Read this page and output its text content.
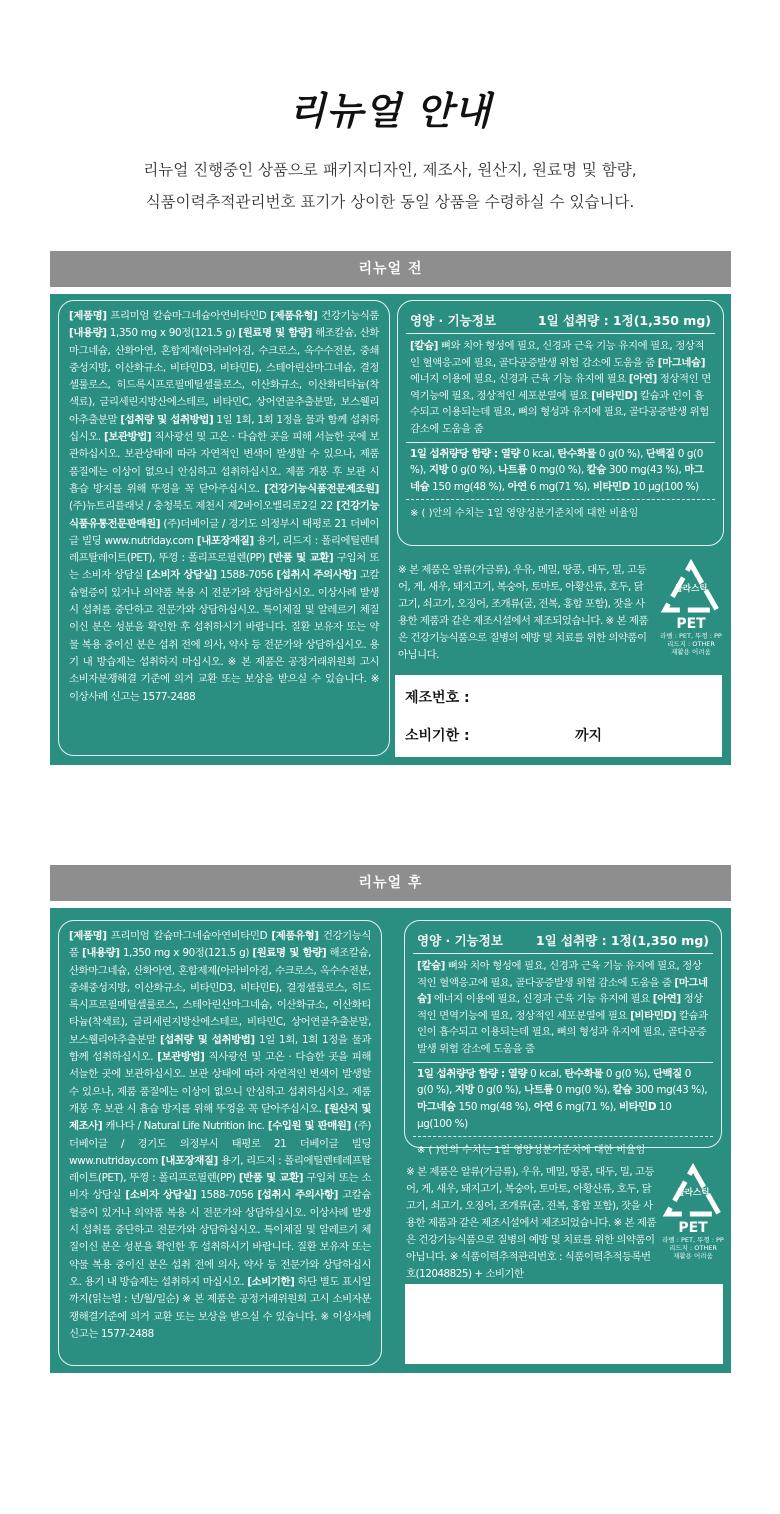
리뉴얼 안내
리뉴얼 진행중인 상품으로 패키지디자인, 제조사, 원산지, 원료명 및 함량,
식품이력추적관리번호 표기가 상이한 동일 상품을 수령하실 수 있습니다.
리뉴얼 전
[제품명] 프리미엄 칼슘마그네슘아연비타민D [제품유형] 건강기능식품 [내용량] 1,350 mg x 90정(121.5 g) [원료명 및 함량] 해조칼슘, 산화마그네슘, 산화아연, 혼합제제(아라비아검, 수크로스, 옥수수전분, 중쇄중성지방, 이산화규소, 비타민D3, 비타민E), 스테아린산마그네슘, 결정셀룰로스, 히드록시프로필메틸셀룰로스, 이산화규소, 이산화티타늄(착색료), 글리세린지방산에스테르, 비타민C, 상어연골추출분말, 보스웰리아추출분말 [섭취량 및 섭취방법] 1일 1회, 1회 1정을 물과 함께 섭취하십시오. [보관방법] 직사광선 및 고온 · 다습한 곳을 피해 서늘한 곳에 보관하십시오. 보관상태에 따라 자연적인 변색이 발생할 수 있으나, 제품 품질에는 이상이 없으니 안심하고 섭취하십시오. 제품 개봉 후 보관 시 흡습 방지를 위해 뚜껑을 꼭 닫아주십시오. [건강기능식품전문제조원] (주)뉴트리플래닛 / 충청북도 제천시 제2바이오밸리로2길 22 [건강기능식품유통전문판매원] (주)더베이글 / 경기도 의정부시 태평로 21 더베이글 빌딩 www.nutriday.com [내포장재질] 용기, 리드지 : 폴리에틸렌테레프탈레이트(PET), 뚜껑 : 폴리프로필렌(PP) [반품 및 교환] 구입처 또는 소비자 상담실 [소비자 상담실] 1588-7056 [섭취시 주의사항] 고칼슘혈증이 있거나 의약품 복용 시 전문가와 상담하십시오. 이상사례 발생 시 섭취를 중단하고 전문가와 상담하십시오. 특이체질 및 알레르기 체질이신 분은 성분을 확인한 후 섭취하시기 바랍니다. 질환 보유자 또는 약물 복용 중이신 분은 섭취 전에 의사, 약사 등 전문가와 상담하십시오. 용기 내 방습제는 섭취하지 마십시오. ※ 본 제품은 공정거래위원회 고시 소비자분쟁해결 기준에 의거 교환 또는 보상을 받으실 수 있습니다. ※ 이상사례 신고는 1577-2488
영양 · 기능정보	1일 섭취량 : 1정(1,350 mg)
[칼슘] 뼈와 치아 형성에 필요, 신경과 근육 기능 유지에 필요, 정상적인 혈액응고에 필요, 골다공증발생 위험 감소에 도움을 줌 [마그네슘] 에너지 이용에 필요, 신경과 근육 기능 유지에 필요 [아연] 정상적인 면역기능에 필요, 정상적인 세포분열에 필요 [비타민D] 칼슘과 인이 흡수되고 이용되는데 필요, 뼈의 형성과 유지에 필요, 골다공증발생 위험 감소에 도움을 줌
1일 섭취량당 함량 : 열량 0 kcal, 탄수화물 0 g(0 %), 단백질 0 g(0 %), 지방 0 g(0 %), 나트륨 0 mg(0 %), 칼슘 300 mg(43 %), 마그네슘 150 mg(48 %), 아연 6 mg(71 %), 비타민D 10 μg(100 %)
※ ( )안의 수치는 1일 영양성분기준치에 대한 비율임
※ 본 제품은 알류(가금류), 우유, 메밀, 땅콩, 대두, 밀, 고등어, 게, 새우, 돼지고기, 복숭아, 토마토, 아황산류, 호두, 닭고기, 쇠고기, 오징어, 조개류(굴, 전복, 홍합 포함), 잣을 사용한 제품과 같은 제조시설에서 제조되었습니다. ※ 본 제품은 건강기능식품으로 질병의 예방 및 치료를 위한 의약품이 아닙니다.
플라스틱
PET
라벨 : PET, 뚜껑 : PP
리드지 : OTHER
재활용 어려움
제조번호 :
소비기한 :	까지
리뉴얼 후
[제품명] 프리미엄 칼슘마그네슘아연비타민D [제품유형] 건강기능식품 [내용량] 1,350 mg x 90정(121.5 g) [원료명 및 함량] 해조칼슘, 산화마그네슘, 산화아연, 혼합제제(아라비아검, 수크로스, 옥수수전분, 중쇄중성지방, 이산화규소, 비타민D3, 비타민E), 결정셀룰로스, 히드록시프로필메틸셀룰로스, 스테아린산마그네슘, 이산화규소, 이산화티타늄(착색료), 글리세린지방산에스테르, 비타민C, 상어연골추출분말, 보스웰리아추출분말 [섭취량 및 섭취방법] 1일 1회, 1회 1정을 물과 함께 섭취하십시오. [보관방법] 직사광선 및 고온 · 다습한 곳을 피해 서늘한 곳에 보관하십시오. 보관 상태에 따라 자연적인 변색이 발생할 수 있으나, 제품 품질에는 이상이 없으니 안심하고 섭취하십시오. 제품 개봉 후 보관 시 흡습 방지를 위해 뚜껑을 꼭 닫아주십시오. [원산지 및 제조사] 캐나다 / Natural Life Nutrition Inc. [수입원 및 판매원] (주)더베이글 / 경기도 의정부시 태평로 21 더베이글 빌딩 www.nutriday.com [내포장재질] 용기, 리드지 : 폴리에틸렌테레프탈레이트(PET), 뚜껑 : 폴리프로필렌(PP) [반품 및 교환] 구입처 또는 소비자 상담실 [소비자 상담실] 1588-7056 [섭취시 주의사항] 고칼슘혈증이 있거나 의약품 복용 시 전문가와 상담하십시오. 이상사례 발생 시 섭취를 중단하고 전문가와 상담하십시오. 특이체질 및 알레르기 체질이신 분은 성분을 확인한 후 섭취하시기 바랍니다. 질환 보유자 또는 약물 복용 중이신 분은 섭취 전에 의사, 약사 등 전문가와 상담하십시오. 용기 내 방습제는 섭취하지 마십시오. [소비기한] 하단 별도 표시일까지(읽는법 : 년/월/일순) ※ 본 제품은 공정거래위원회 고시 소비자분쟁해결기준에 의거 교환 또는 보상을 받으실 수 있습니다. ※ 이상사례 신고는 1577-2488
영양 · 기능정보	1일 섭취량 : 1정(1,350 mg)
[칼슘] 뼈와 치아 형성에 필요, 신경과 근육 기능 유지에 필요, 정상적인 혈액응고에 필요, 골다공증발생 위험 감소에 도움을 줌 [마그네슘] 에너지 이용에 필요, 신경과 근육 기능 유지에 필요 [아연] 정상적인 면역기능에 필요, 정상적인 세포분열에 필요 [비타민D] 칼슘과 인이 흡수되고 이용되는데 필요, 뼈의 형성과 유지에 필요, 골다공증발생 위험 감소에 도움을 줌
1일 섭취량당 함량 : 열량 0 kcal, 탄수화물 0 g(0 %), 단백질 0 g(0 %), 지방 0 g(0 %), 나트륨 0 mg(0 %), 칼슘 300 mg(43 %), 마그네슘 150 mg(48 %), 아연 6 mg(71 %), 비타민D 10 μg(100 %)
※ ( )안의 수치는 1일 영양성분기준치에 대한 비율임
※ 본 제품은 알류(가금류), 우유, 메밀, 땅콩, 대두, 밀, 고등어, 게, 새우, 돼지고기, 복숭아, 토마토, 아황산류, 호두, 닭고기, 쇠고기, 오징어, 조개류(굴, 전복, 홍합 포함), 잣을 사용한 제품과 같은 제조시설에서 제조되었습니다. ※ 본 제품은 건강기능식품으로 질병의 예방 및 치료를 위한 의약품이 아닙니다. ※ 식품이력추적관리번호 : 식품이력추적등록번호(12048825) + 소비기한
플라스틱
PET
라벨 : PET, 뚜껑 : PP
리드지 : OTHER
재활용 어려움
